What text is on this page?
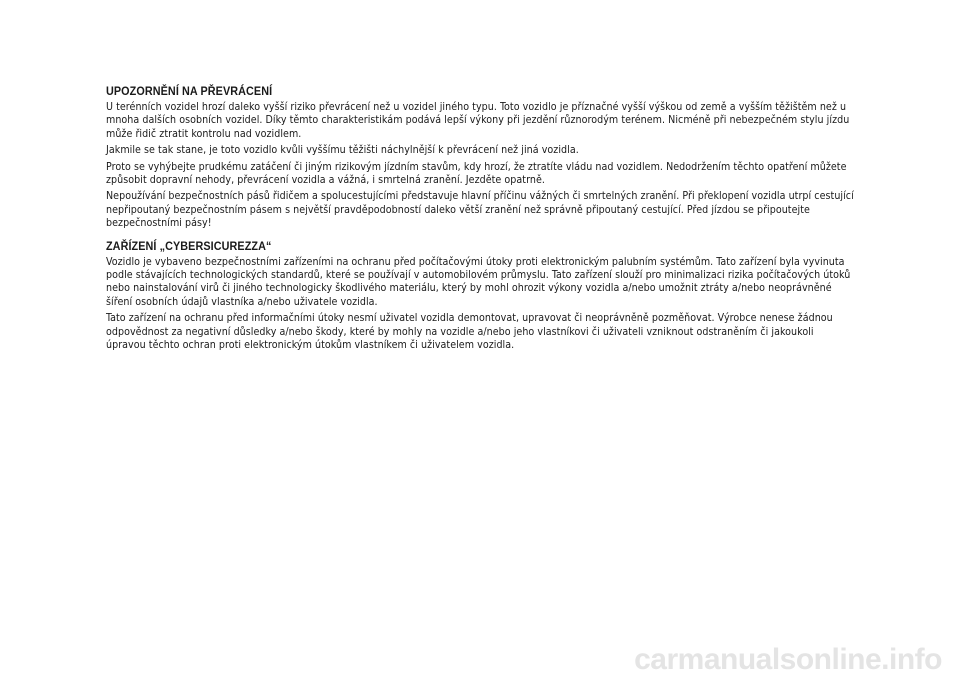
UPOZORNĚNÍ NA PŘEVRÁCENÍ

U terénních vozidel hrozí daleko vyšší riziko převrácení než u vozidel jiného typu. Toto vozidlo je příznačné vyšší výškou od země a vyšším těžištěm než u mnoha dalších osobních vozidel. Díky těmto charakteristikám podává lepší výkony při jezdění různorodým terénem. Nicméně při nebezpečném stylu jízdu může řidič ztratit kontrolu nad vozidlem.

Jakmile se tak stane, je toto vozidlo kvůli vyššímu těžišti náchylnější k převrácení než jiná vozidla.

Proto se vyhýbejte prudkému zatáčení či jiným rizikovým jízdním stavům, kdy hrozí, že ztratíte vládu nad vozidlem. Nedodržením těchto opatření můžete způsobit dopravní nehody, převrácení vozidla a vážná, i smrtelná zranění. Jezděte opatrně.

Nepoužívání bezpečnostních pásů řidičem a spolucestujícími představuje hlavní příčinu vážných či smrtelných zranění. Při překlopení vozidla utrpí cestující nepřipoutaný bezpečnostním pásem s největší pravděpodobností daleko větší zranění než správně připoutaný cestující. Před jízdou se připoutejte bezpečnostními pásy!

ZAŘÍZENÍ „CYBERSICUREZZA“

Vozidlo je vybaveno bezpečnostními zařízeními na ochranu před počítačovými útoky proti elektronickým palubním systémům. Tato zařízení byla vyvinuta podle stávajících technologických standardů, které se používají v automobilovém průmyslu. Tato zařízení slouží pro minimalizaci rizika počítačových útoků nebo nainstalování virů či jiného technologicky škodlivého materiálu, který by mohl ohrozit výkony vozidla a/nebo umožnit ztráty a/nebo neoprávněné šíření osobních údajů vlastníka a/nebo uživatele vozidla.

Tato zařízení na ochranu před informačními útoky nesmí uživatel vozidla demontovat, upravovat či neoprávněně pozměňovat. Výrobce nenese žádnou odpovědnost za negativní důsledky a/nebo škody, které by mohly na vozidle a/nebo jeho vlastníkovi či uživateli vzniknout odstraněním či jakoukoli úpravou těchto ochran proti elektronickým útokům vlastníkem či uživatelem vozidla.

carmanualsonline.info
